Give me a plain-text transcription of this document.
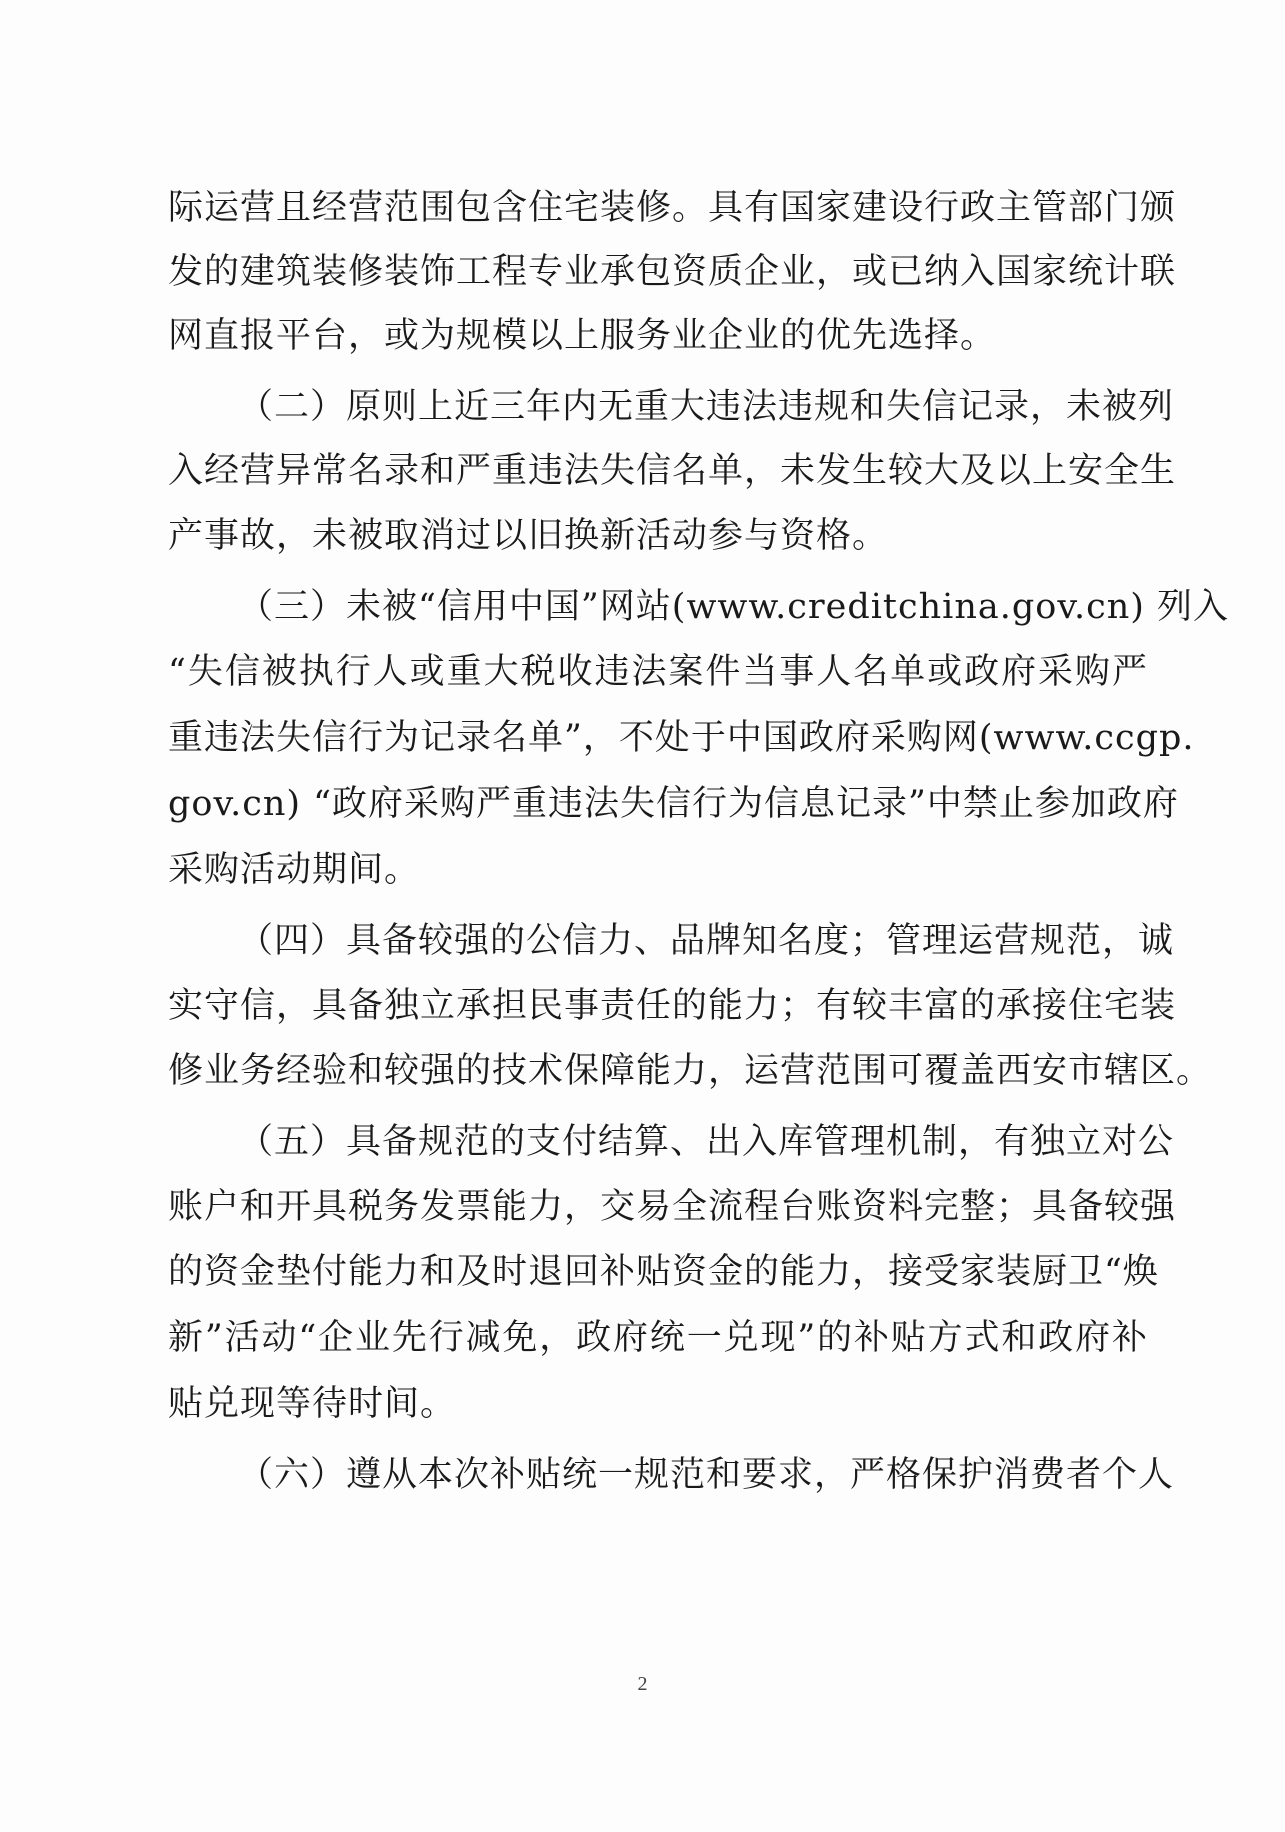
际运营且经营范围包含住宅装修。具有国家建设行政主管部门颁
发的建筑装修装饰工程专业承包资质企业，或已纳入国家统计联
网直报平台，或为规模以上服务业企业的优先选择。
（二）原则上近三年内无重大违法违规和失信记录，未被列
入经营异常名录和严重违法失信名单，未发生较大及以上安全生
产事故，未被取消过以旧换新活动参与资格。
（三）未被“信用中国”网站(www.creditchina.gov.cn) 列入
“失信被执行人或重大税收违法案件当事人名单或政府采购严
重违法失信行为记录名单”，不处于中国政府采购网(www.ccgp.
gov.cn) “政府采购严重违法失信行为信息记录”中禁止参加政府
采购活动期间。
（四）具备较强的公信力、品牌知名度；管理运营规范，诚
实守信，具备独立承担民事责任的能力；有较丰富的承接住宅装
修业务经验和较强的技术保障能力，运营范围可覆盖西安市辖区。
（五）具备规范的支付结算、出入库管理机制，有独立对公
账户和开具税务发票能力，交易全流程台账资料完整；具备较强
的资金垫付能力和及时退回补贴资金的能力，接受家装厨卫“焕
新”活动“企业先行减免，政府统一兑现”的补贴方式和政府补
贴兑现等待时间。
（六）遵从本次补贴统一规范和要求，严格保护消费者个人
2
